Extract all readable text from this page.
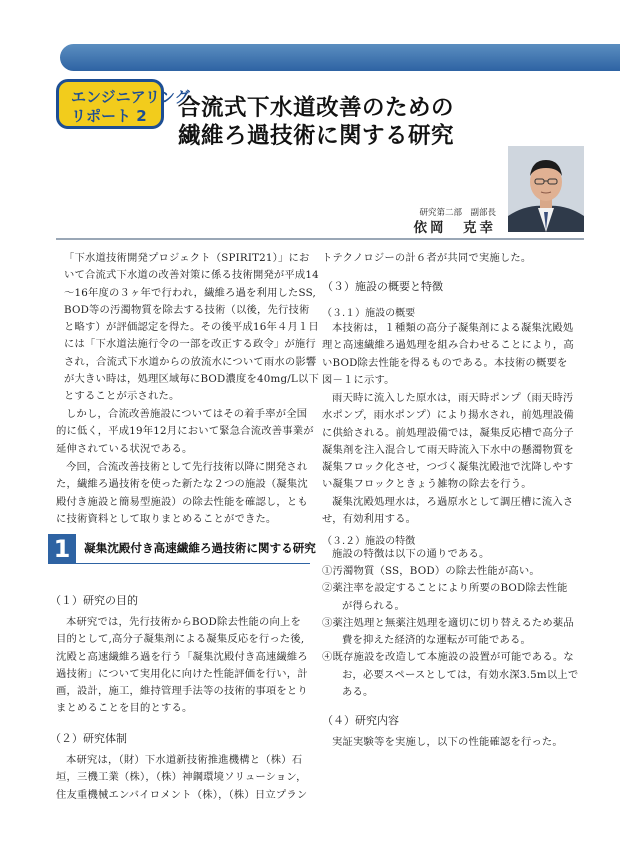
エンジニアリング
リポート 2 合流式下水道改善のための
繊維ろ過技術に関する研究
研究第二部　副部長
依岡　克幸
「下水道技術開発プロジェクト（SPIRIT21）」にお
いて合流式下水道の改善対策に係る技術開発が平成14
～16年度の３ヶ年で行われ，繊維ろ過を利用したSS,
BOD等の汚濁物質を除去する技術（以後，先行技術
と略す）が評価認定を得た。その後平成16年４月１日
には「下水道法施行令の一部を改正する政令」が施行
され，合流式下水道からの放流水について雨水の影響
が大きい時は，処理区域毎にBOD濃度を40mg/L以下
とすることが示された。
しかし，合流改善施設についてはその着手率が全国
的に低く，平成19年12月において緊急合流改善事業が
延伸されている状況である。
今回，合流改善技術として先行技術以降に開発され
た，繊維ろ過技術を使った新たな２つの施設（凝集沈
殿付き施設と簡易型施設）の除去性能を確認し，とも
に技術資料として取りまとめることができた。
1	凝集沈殿付き高速繊維ろ過技術に関する研究
（１）研究の目的
本研究では，先行技術からBOD除去性能の向上を
目的として,高分子凝集剤による凝集反応を行った後,
沈殿と高速繊維ろ過を行う「凝集沈殿付き高速繊維ろ
過技術」について実用化に向けた性能評価を行い，計
画，設計，施工，維持管理手法等の技術的事項をとり
まとめることを目的とする。
（２）研究体制
本研究は，（財）下水道新技術推進機構と（株）石
垣，三機工業（株），（株）神鋼環境ソリューション，
住友重機械エンバイロメント（株），（株）日立プラン
トテクノロジーの計６者が共同で実施した。
（３）施設の概要と特徴
（３.１）施設の概要
本技術は，１種類の高分子凝集剤による凝集沈殿処
理と高速繊維ろ過処理を組み合わせることにより，高
いBOD除去性能を得るものである。本技術の概要を
図－１に示す。
雨天時に流入した原水は，雨天時ポンプ（雨天時汚
水ポンプ，雨水ポンプ）により揚水され，前処理設備
に供給される。前処理設備では，凝集反応槽で高分子
凝集剤を注入混合して雨天時流入下水中の懸濁物質を
凝集フロック化させ，つづく凝集沈殿池で沈降しやす
い凝集フロックときょう雑物の除去を行う。
凝集沈殿処理水は，ろ過原水として調圧槽に流入さ
せ，有効利用する。
（３.２）施設の特徴
施設の特徴は以下の通りである。
①汚濁物質（SS，BOD）の除去性能が高い。
②薬注率を設定することにより所要のBOD除去性能
が得られる。
③薬注処理と無薬注処理を適切に切り替えるため薬品
費を抑えた経済的な運転が可能である。
④既存施設を改造して本施設の設置が可能である。な
お，必要スペースとしては，有効水深3.5m以上で
ある。
（４）研究内容
実証実験等を実施し，以下の性能確認を行った。
